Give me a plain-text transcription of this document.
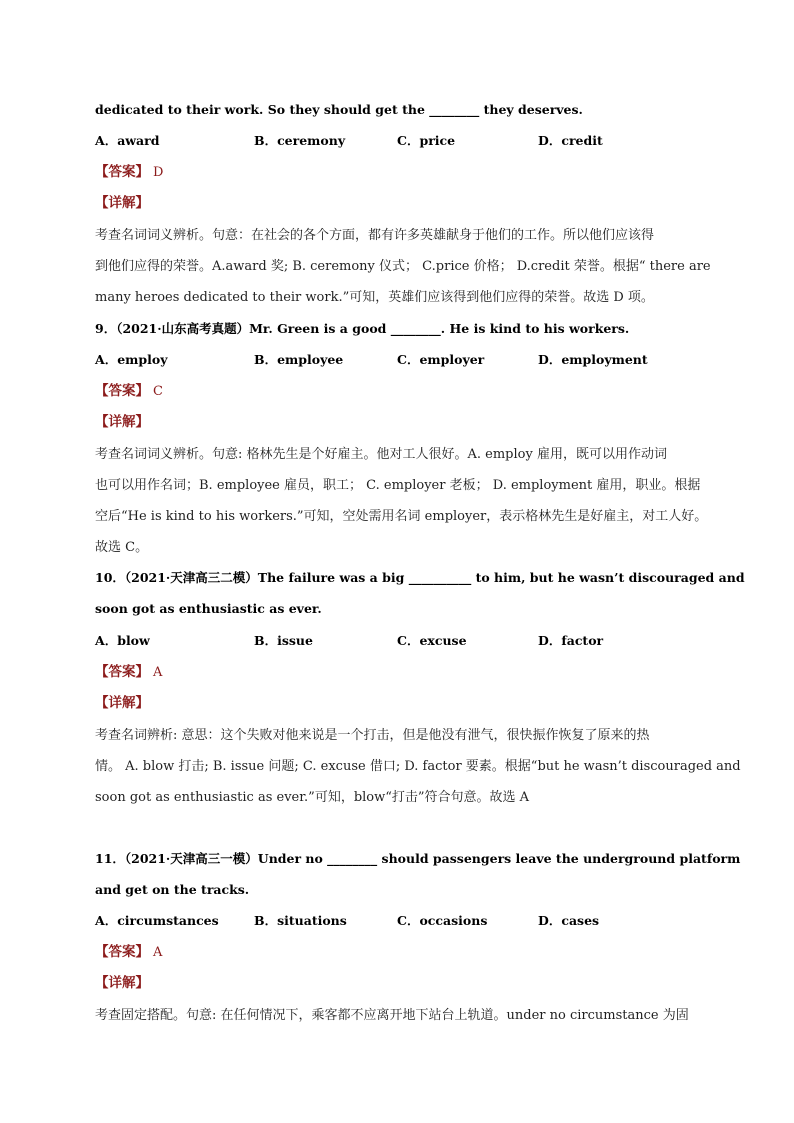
dedicated to their work. So they should get the ________ they deserves.
A．award	B．ceremony	C．price	D．credit
【答案】 D
【详解】
考查名词词义辨析。句意：在社会的各个方面，都有许多英雄献身于他们的工作。所以他们应该得
到他们应得的荣誉。A.award 奖; B. ceremony 仪式； C.price 价格； D.credit 荣誉。根据“ there are
many heroes dedicated to their work.”可知，英雄们应该得到他们应得的荣誉。故选 D 项。
9．（2021·山东高考真题）Mr. Green is a good ________. He is kind to his workers.
A．employ	B．employee	C．employer	D．employment
【答案】 C
【详解】
考查名词词义辨析。句意: 格林先生是个好雇主。他对工人很好。A. employ 雇用，既可以用作动词
也可以用作名词；B. employee 雇员，职工； C. employer 老板； D. employment 雇用，职业。根据
空后“He is kind to his workers.”可知，空处需用名词 employer，表示格林先生是好雇主，对工人好。
故选 C。
10．（2021·天津高三二模）The failure was a big __________ to him, but he wasn’t discouraged and
soon got as enthusiastic as ever.
A．blow	B．issue	C．excuse	D．factor
【答案】 A
【详解】
考查名词辨析: 意思：这个失败对他来说是一个打击，但是他没有泄气，很快振作恢复了原来的热
情。 A. blow 打击; B. issue 问题; C. excuse 借口; D. factor 要素。根据“but he wasn’t discouraged and
soon got as enthusiastic as ever.”可知，blow“打击”符合句意。故选 A
11．（2021·天津高三一模）Under no ________ should passengers leave the underground platform
and get on the tracks.
A．circumstances	B．situations	C．occasions	D．cases
【答案】 A
【详解】
考查固定搭配。句意: 在任何情况下，乘客都不应离开地下站台上轨道。under no circumstance 为固
